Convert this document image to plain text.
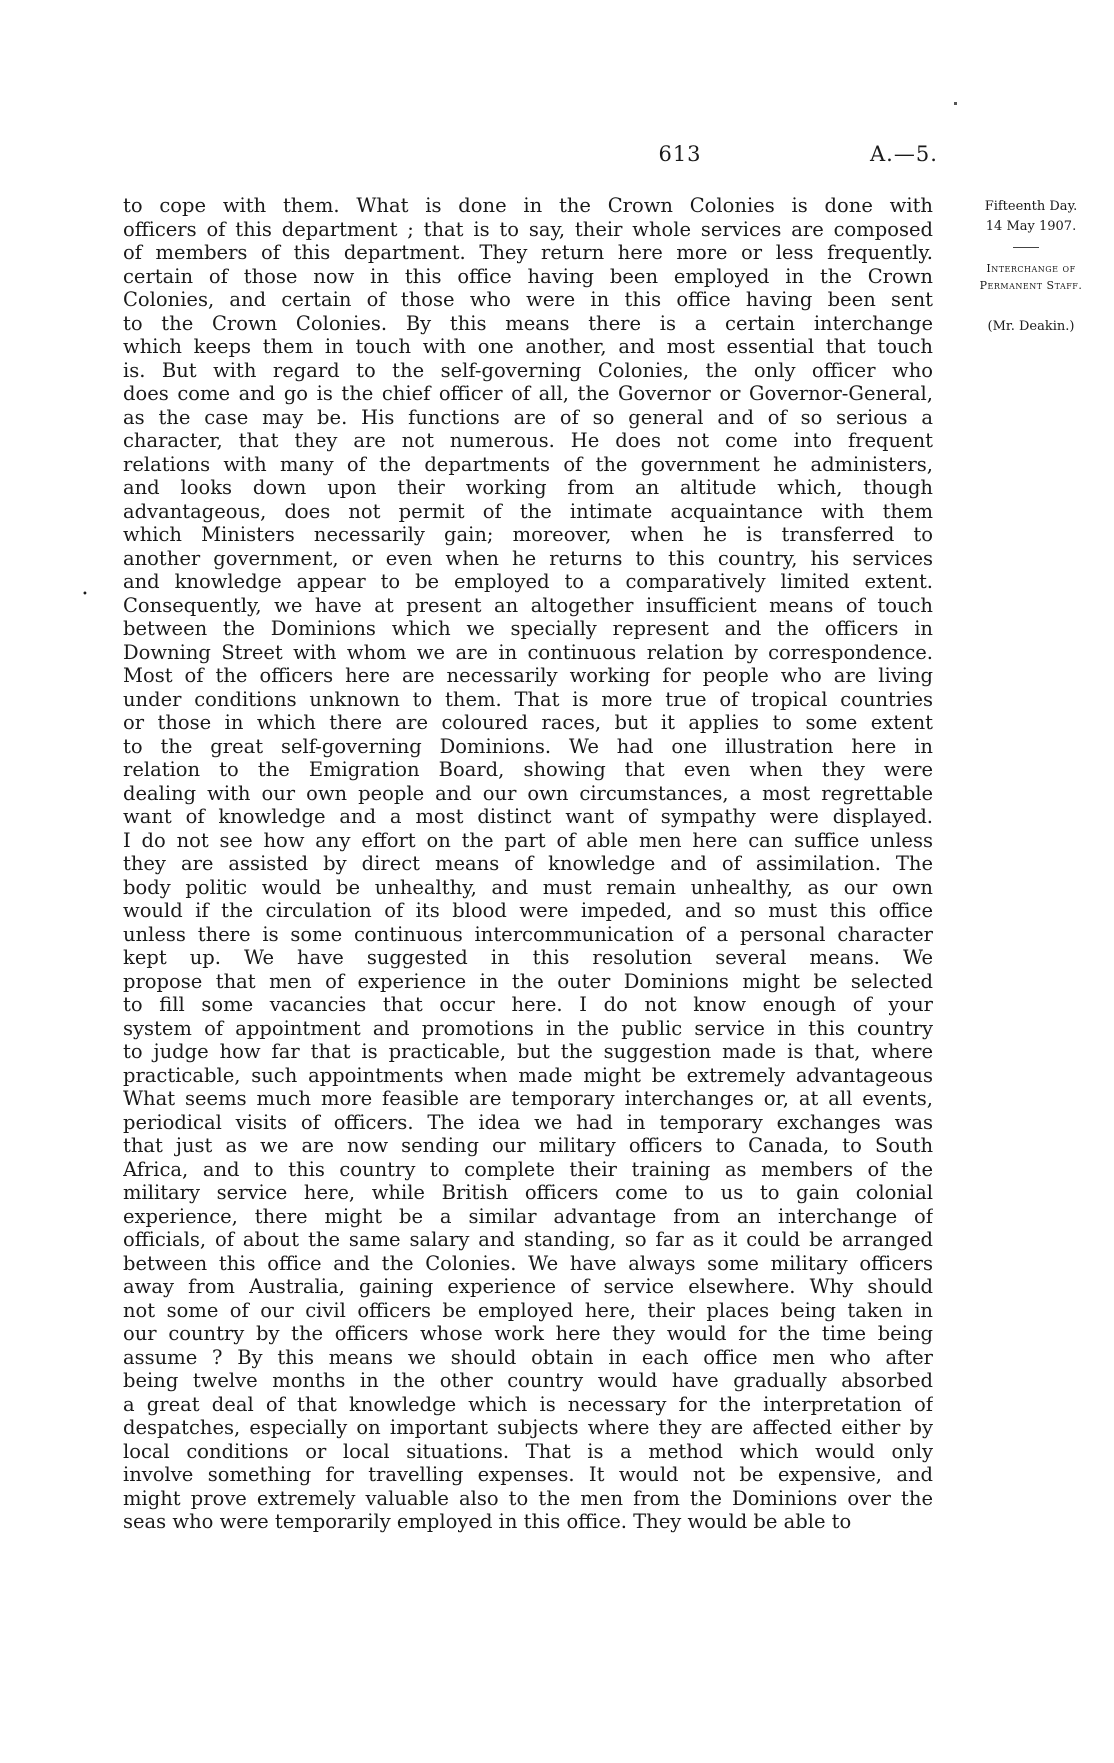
613	A.—5.
Fifteenth Day.
14 May 1907.
Interchange of Permanent Staff.
(Mr. Deakin.)
•
to cope with them. What is done in the Crown Colonies is done with
officers of this department ; that is to say, their whole services are composed
of members of this department. They return here more or less frequently.
certain of those now in this office having been employed in the Crown
Colonies, and certain of those who were in this office having been sent
to the Crown Colonies. By this means there is a certain interchange
which keeps them in touch with one another, and most essential that touch
is. But with regard to the self-governing Colonies, the only officer who
does come and go is the chief officer of all, the Governor or Governor-General,
as the case may be. His functions are of so general and of so serious a
character, that they are not numerous. He does not come into frequent
relations with many of the departments of the government he administers,
and looks down upon their working from an altitude which, though
advantageous, does not permit of the intimate acquaintance with them
which Ministers necessarily gain; moreover, when he is transferred to
another government, or even when he returns to this country, his services
and knowledge appear to be employed to a comparatively limited extent.
Consequently, we have at present an altogether insufficient means of touch
between the Dominions which we specially represent and the officers in
Downing Street with whom we are in continuous relation by correspondence.
Most of the officers here are necessarily working for people who are living
under conditions unknown to them. That is more true of tropical countries
or those in which there are coloured races, but it applies to some extent
to the great self-governing Dominions. We had one illustration here in
relation to the Emigration Board, showing that even when they were
dealing with our own people and our own circumstances, a most regrettable
want of knowledge and a most distinct want of sympathy were displayed.
I do not see how any effort on the part of able men here can suffice unless
they are assisted by direct means of knowledge and of assimilation. The
body politic would be unhealthy, and must remain unhealthy, as our own
would if the circulation of its blood were impeded, and so must this office
unless there is some continuous intercommunication of a personal character
kept up. We have suggested in this resolution several means. We
propose that men of experience in the outer Dominions might be selected
to fill some vacancies that occur here. I do not know enough of your
system of appointment and promotions in the public service in this country
to judge how far that is practicable, but the suggestion made is that, where
practicable, such appointments when made might be extremely advantageous
What seems much more feasible are temporary interchanges or, at all events,
periodical visits of officers. The idea we had in temporary exchanges was
that just as we are now sending our military officers to Canada, to South
Africa, and to this country to complete their training as members of the
military service here, while British officers come to us to gain colonial
experience, there might be a similar advantage from an interchange of
officials, of about the same salary and standing, so far as it could be arranged
between this office and the Colonies. We have always some military officers
away from Australia, gaining experience of service elsewhere. Why should
not some of our civil officers be employed here, their places being taken in
our country by the officers whose work here they would for the time being
assume ? By this means we should obtain in each office men who after
being twelve months in the other country would have gradually absorbed
a great deal of that knowledge which is necessary for the interpretation of
despatches, especially on important subjects where they are affected either by
local conditions or local situations. That is a method which would only
involve something for travelling expenses. It would not be expensive, and
might prove extremely valuable also to the men from the Dominions over the
seas who were temporarily employed in this office. They would be able to
